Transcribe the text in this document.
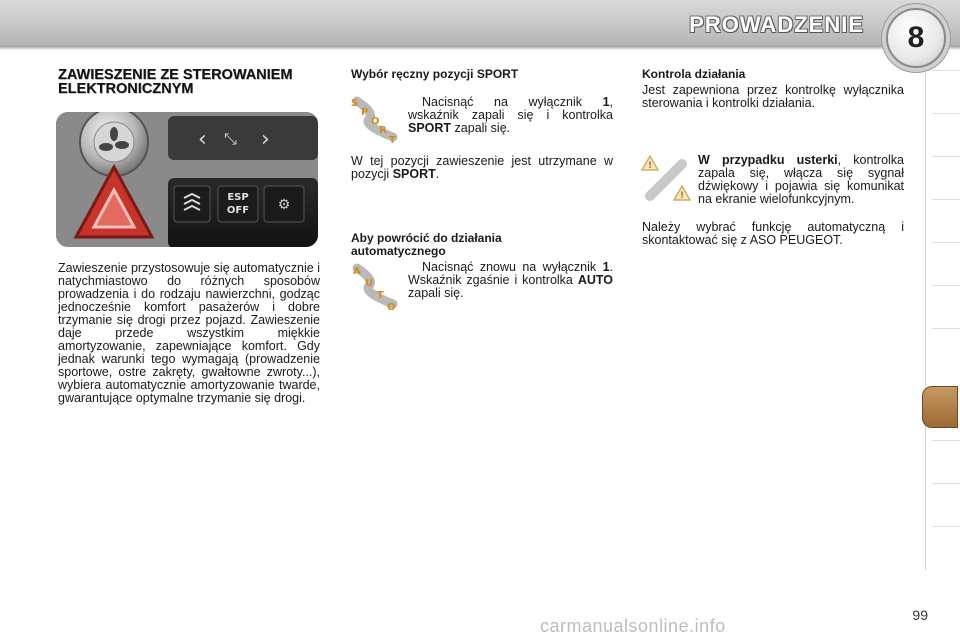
PROWADZENIE 8
ZAWIESZENIE ZE STEROWANIEM
ELEKTRONICZNYM
‹ ⤡ ›
ESP
OFF ⚙
Zawieszenie przystosowuje się automatycznie i natychmiastowo do różnych sposobów prowadzenia i do rodzaju nawierzchni, godząc jednocześnie komfort pasażerów i dobre trzymanie się drogi przez pojazd. Zawieszenie daje przede wszystkim miękkie amortyzowanie, zapewniające komfort. Gdy jednak warunki tego wymagają (prowadzenie sportowe, ostre zakręty, gwałtowne zwroty...), wybiera automatycznie amortyzowanie twarde, gwarantujące optymalne trzymanie się drogi.
Wybór ręczny pozycji SPORT
S
P
O
R
T
Nacisnąć na wyłącznik 1, wskaźnik zapali się i kontrolka SPORT zapali się.
W tej pozycji zawieszenie jest utrzymane w pozycji SPORT.
Aby powrócić do działania
automatycznego
A
U
T
O
Nacisnąć znowu na wyłącznik 1. Wskaźnik zgaśnie i kontrolka AUTO zapali się.
Kontrola działania
Jest zapewniona przez kontrolkę wyłącznika sterowania i kontrolki działania.
!
!
W przypadku usterki, kontrolka zapala się, włącza się sygnał dźwiękowy i pojawia się komunikat na ekranie wielofunkcyjnym.
Należy wybrać funkcję automatyczną i skontaktować się z ASO PEUGEOT.
99
carmanualsonline.info
